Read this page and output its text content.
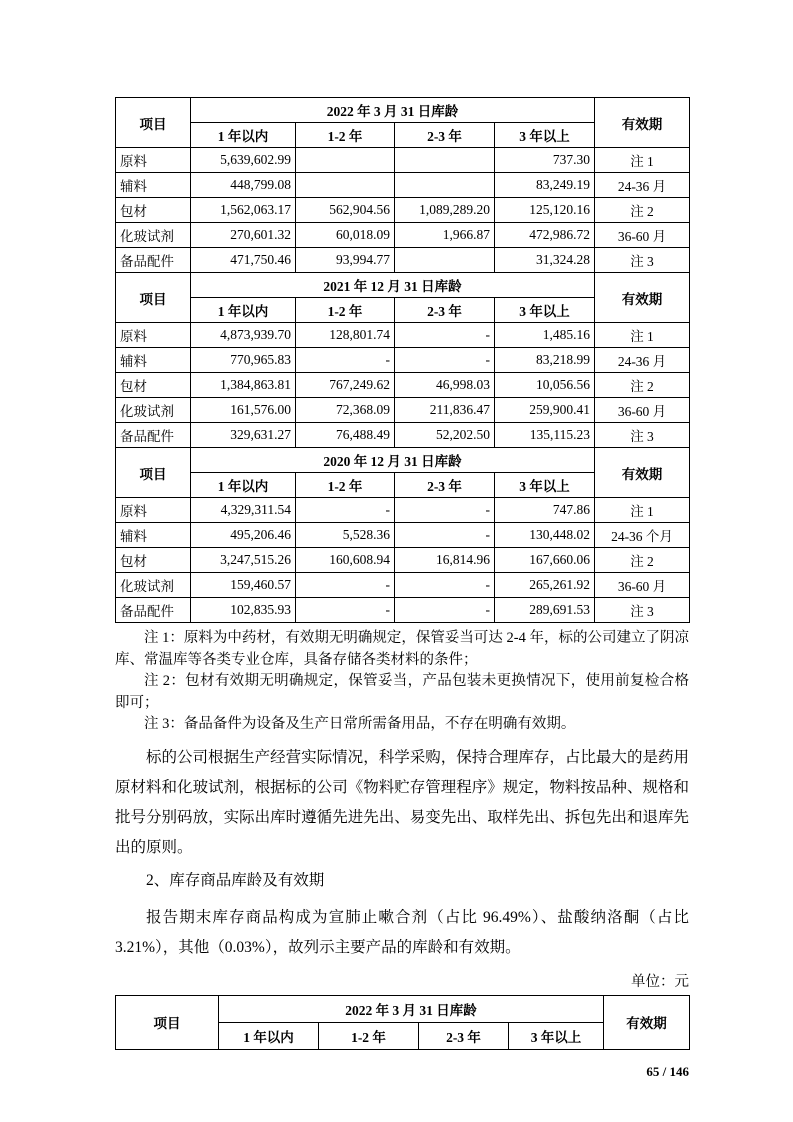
项目	2022 年 3 月 31 日库龄				有效期
	1 年以内	1-2 年	2-3 年	3 年以上	
原料	5,639,602.99			737.30	注 1
辅料	448,799.08			83,249.19	24-36 月
包材	1,562,063.17	562,904.56	1,089,289.20	125,120.16	注 2
化玻试剂	270,601.32	60,018.09	1,966.87	472,986.72	36-60 月
备品配件	471,750.46	93,994.77		31,324.28	注 3
项目	2021 年 12 月 31 日库龄				有效期
	1 年以内	1-2 年	2-3 年	3 年以上	
原料	4,873,939.70	128,801.74	-	1,485.16	注 1
辅料	770,965.83	-	-	83,218.99	24-36 月
包材	1,384,863.81	767,249.62	46,998.03	10,056.56	注 2
化玻试剂	161,576.00	72,368.09	211,836.47	259,900.41	36-60 月
备品配件	329,631.27	76,488.49	52,202.50	135,115.23	注 3
项目	2020 年 12 月 31 日库龄				有效期
	1 年以内	1-2 年	2-3 年	3 年以上	
原料	4,329,311.54	-	-	747.86	注 1
辅料	495,206.46	5,528.36	-	130,448.02	24-36 个月
包材	3,247,515.26	160,608.94	16,814.96	167,660.06	注 2
化玻试剂	159,460.57	-	-	265,261.92	36-60 月
备品配件	102,835.93	-	-	289,691.53	注 3

注 1：原料为中药材，有效期无明确规定，保管妥当可达 2-4 年，标的公司建立了阴凉库、常温库等各类专业仓库，具备存储各类材料的条件；

注 2：包材有效期无明确规定，保管妥当，产品包装未更换情况下，使用前复检合格即可；

注 3：备品备件为设备及生产日常所需备用品，不存在明确有效期。

标的公司根据生产经营实际情况，科学采购，保持合理库存，占比最大的是药用原材料和化玻试剂，根据标的公司《物料贮存管理程序》规定，物料按品种、规格和批号分别码放，实际出库时遵循先进先出、易变先出、取样先出、拆包先出和退库先出的原则。

2、库存商品库龄及有效期

报告期末库存商品构成为宣肺止嗽合剂（占比 96.49%）、盐酸纳洛酮（占比 3.21%），其他（0.03%），故列示主要产品的库龄和有效期。

单位：元
项目	2022 年 3 月 31 日库龄				有效期
	1 年以内	1-2 年	2-3 年	3 年以上	
65 / 146
